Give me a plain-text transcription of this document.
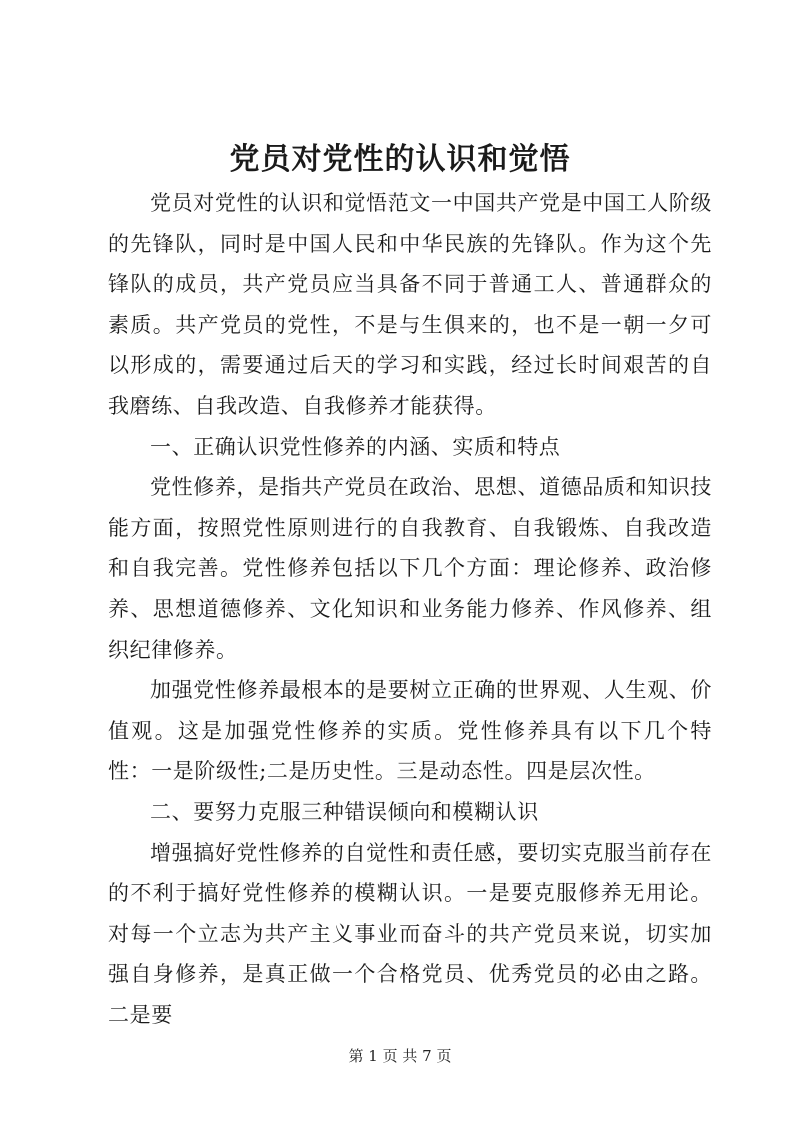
党员对党性的认识和觉悟

党员对党性的认识和觉悟范文一中国共产党是中国工人阶级的先锋队，同时是中国人民和中华民族的先锋队。作为这个先锋队的成员，共产党员应当具备不同于普通工人、普通群众的素质。共产党员的党性，不是与生俱来的，也不是一朝一夕可以形成的，需要通过后天的学习和实践，经过长时间艰苦的自我磨练、自我改造、自我修养才能获得。

一、正确认识党性修养的内涵、实质和特点

党性修养，是指共产党员在政治、思想、道德品质和知识技能方面，按照党性原则进行的自我教育、自我锻炼、自我改造和自我完善。党性修养包括以下几个方面：理论修养、政治修养、思想道德修养、文化知识和业务能力修养、作风修养、组织纪律修养。

加强党性修养最根本的是要树立正确的世界观、人生观、价值观。这是加强党性修养的实质。党性修养具有以下几个特性：一是阶级性;二是历史性。三是动态性。四是层次性。

二、要努力克服三种错误倾向和模糊认识

增强搞好党性修养的自觉性和责任感，要切实克服当前存在的不利于搞好党性修养的模糊认识。一是要克服修养无用论。对每一个立志为共产主义事业而奋斗的共产党员来说，切实加强自身修养，是真正做一个合格党员、优秀党员的必由之路。二是要

第 1 页 共 7 页
